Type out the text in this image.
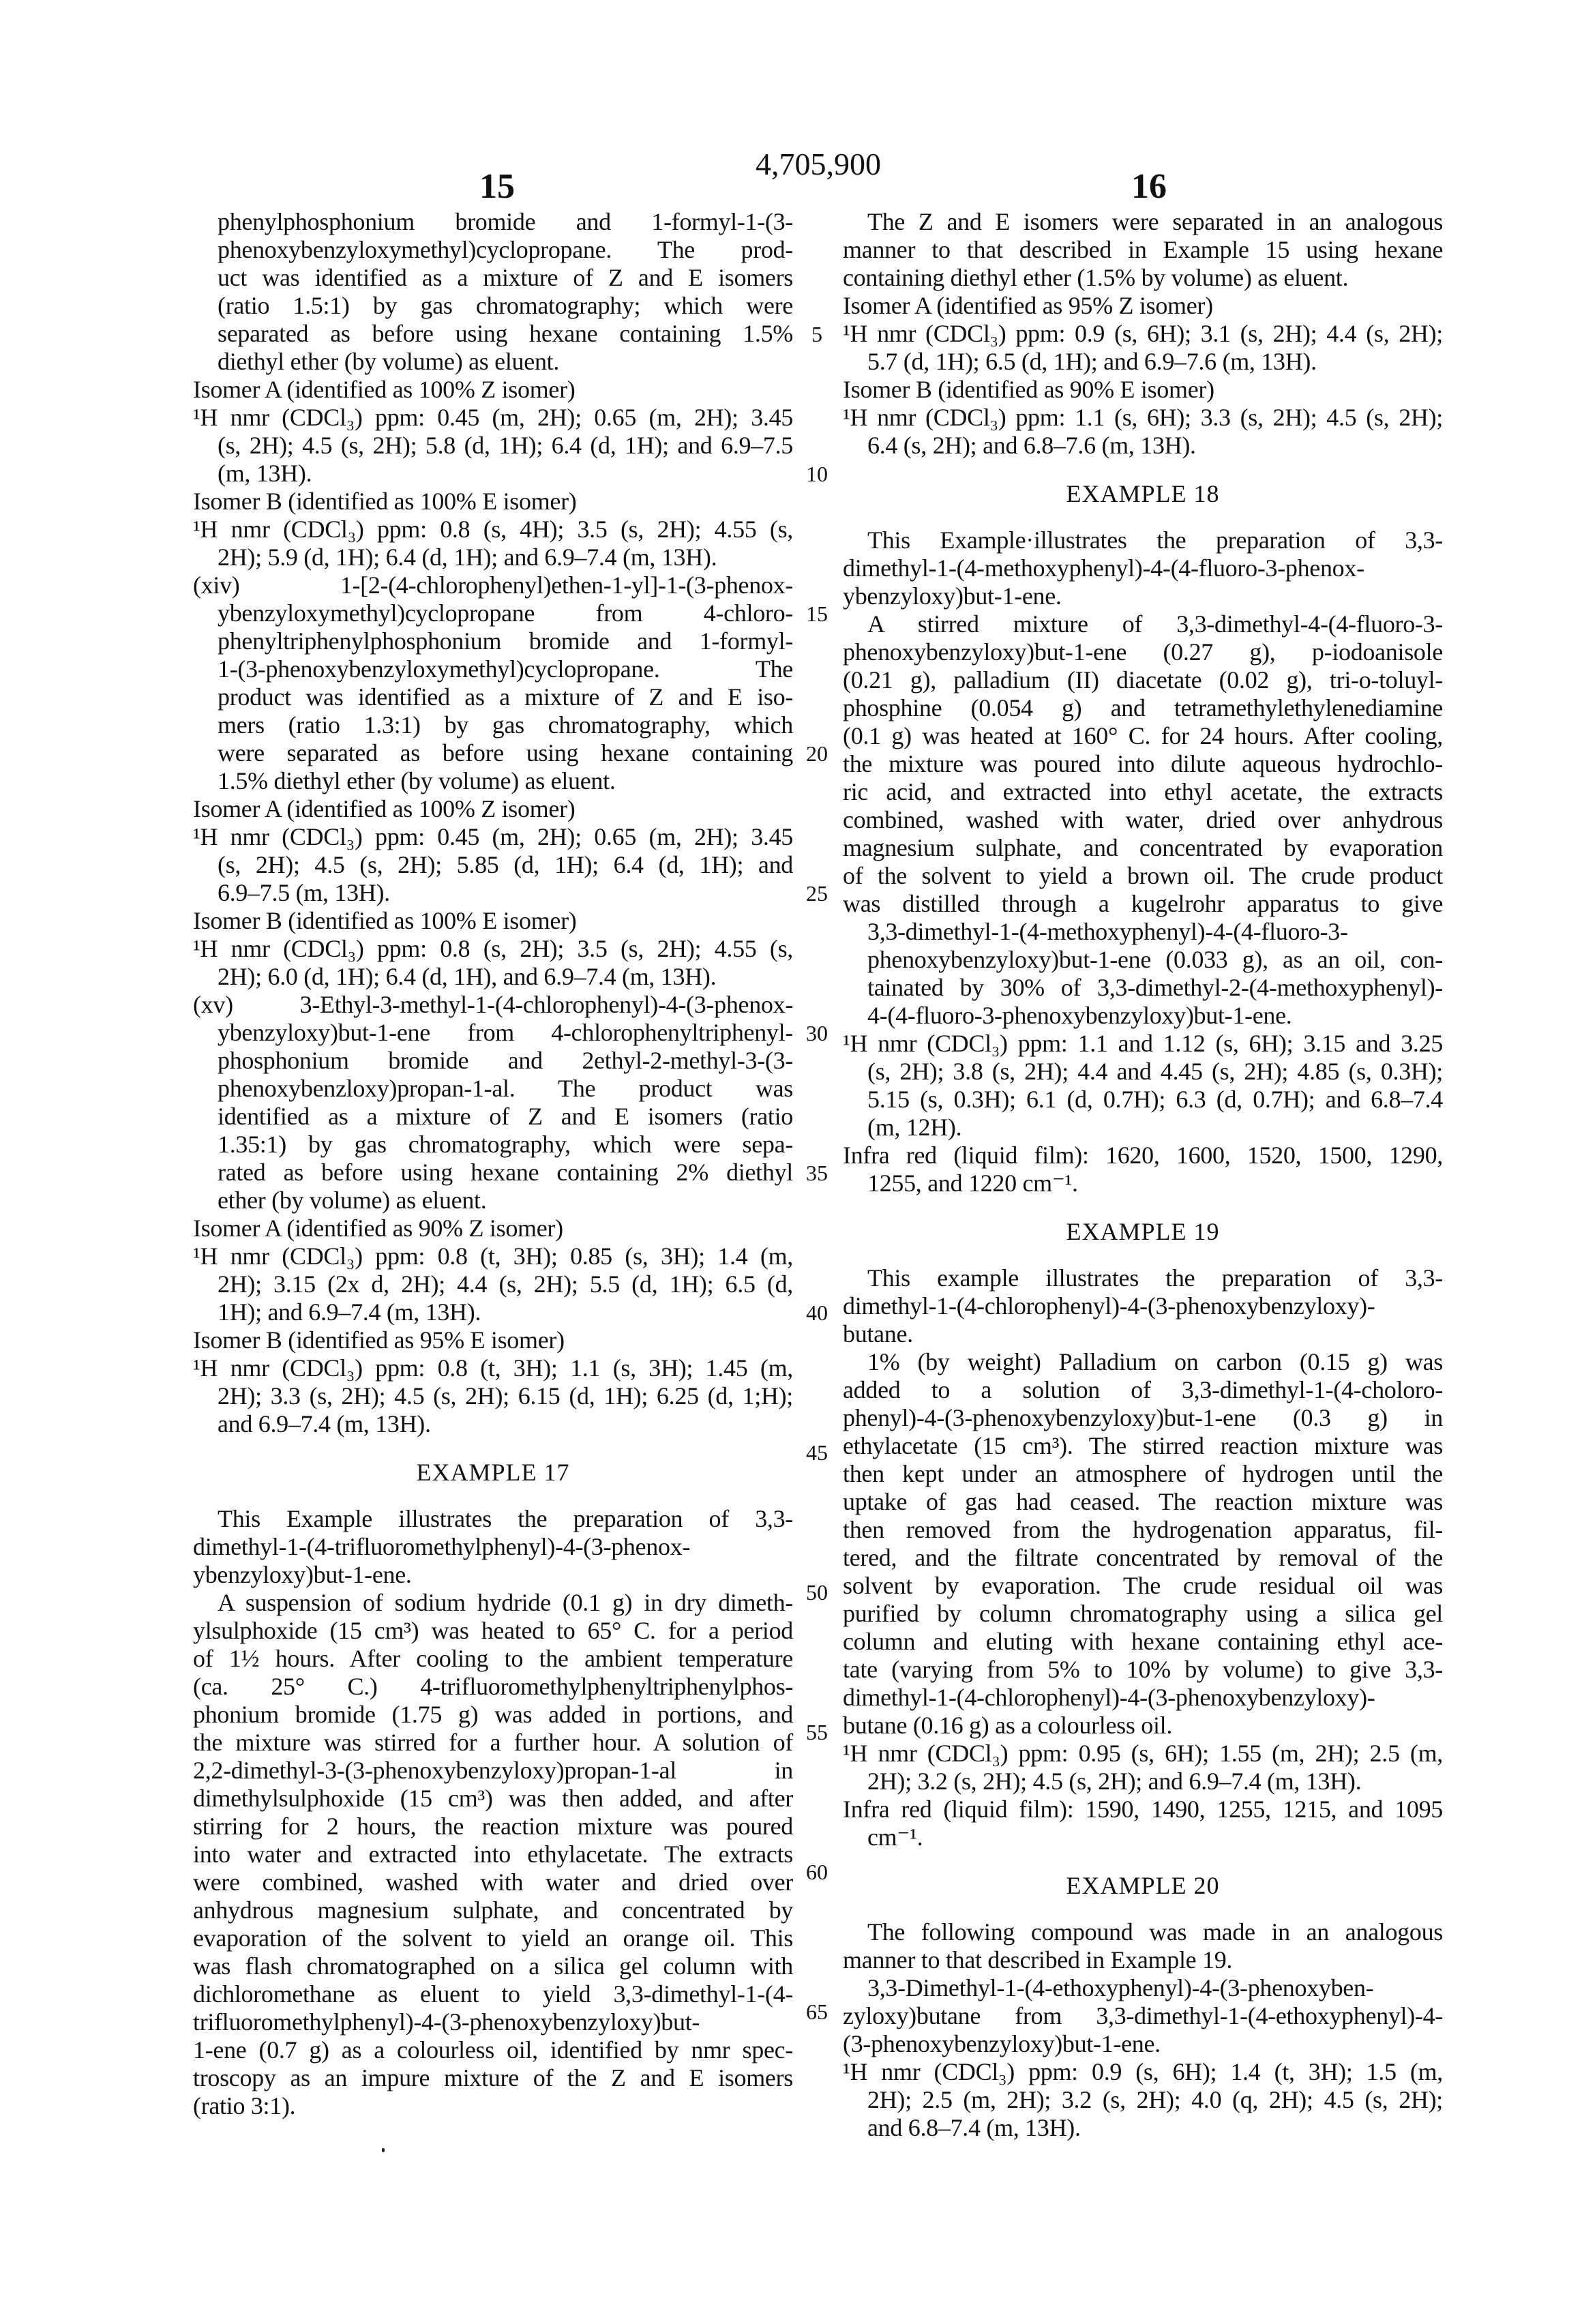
4,705,900
15	16
phenylphosphonium bromide and 1-formyl-1-(3-
phenoxybenzyloxymethyl)cyclopropane. The prod-
uct was identified as a mixture of Z and E isomers
(ratio 1.5:1) by gas chromatography; which were
separated as before using hexane containing 1.5%
diethyl ether (by volume) as eluent.
Isomer A (identified as 100% Z isomer)
¹H nmr (CDCl₃) ppm: 0.45 (m, 2H); 0.65 (m, 2H); 3.45
(s, 2H); 4.5 (s, 2H); 5.8 (d, 1H); 6.4 (d, 1H); and 6.9–7.5
(m, 13H).
Isomer B (identified as 100% E isomer)
¹H nmr (CDCl₃) ppm: 0.8 (s, 4H); 3.5 (s, 2H); 4.55 (s,
2H); 5.9 (d, 1H); 6.4 (d, 1H); and 6.9–7.4 (m, 13H).
(xiv) 1-[2-(4-chlorophenyl)ethen-1-yl]-1-(3-phenox-
ybenzyloxymethyl)cyclopropane from 4-chloro-
phenyltriphenylphosphonium bromide and 1-formyl-
1-(3-phenoxybenzyloxymethyl)cyclopropane. The
product was identified as a mixture of Z and E iso-
mers (ratio 1.3:1) by gas chromatography, which
were separated as before using hexane containing
1.5% diethyl ether (by volume) as eluent.
Isomer A (identified as 100% Z isomer)
¹H nmr (CDCl₃) ppm: 0.45 (m, 2H); 0.65 (m, 2H); 3.45
(s, 2H); 4.5 (s, 2H); 5.85 (d, 1H); 6.4 (d, 1H); and
6.9–7.5 (m, 13H).
Isomer B (identified as 100% E isomer)
¹H nmr (CDCl₃) ppm: 0.8 (s, 2H); 3.5 (s, 2H); 4.55 (s,
2H); 6.0 (d, 1H); 6.4 (d, 1H), and 6.9–7.4 (m, 13H).
(xv) 3-Ethyl-3-methyl-1-(4-chlorophenyl)-4-(3-phenox-
ybenzyloxy)but-1-ene from 4-chlorophenyltriphenyl-
phosphonium bromide and 2ethyl-2-methyl-3-(3-
phenoxybenzloxy)propan-1-al. The product was
identified as a mixture of Z and E isomers (ratio
1.35:1) by gas chromatography, which were sepa-
rated as before using hexane containing 2% diethyl
ether (by volume) as eluent.
Isomer A (identified as 90% Z isomer)
¹H nmr (CDCl₃) ppm: 0.8 (t, 3H); 0.85 (s, 3H); 1.4 (m,
2H); 3.15 (2x d, 2H); 4.4 (s, 2H); 5.5 (d, 1H); 6.5 (d,
1H); and 6.9–7.4 (m, 13H).
Isomer B (identified as 95% E isomer)
¹H nmr (CDCl₃) ppm: 0.8 (t, 3H); 1.1 (s, 3H); 1.45 (m,
2H); 3.3 (s, 2H); 4.5 (s, 2H); 6.15 (d, 1H); 6.25 (d, 1;H);
and 6.9–7.4 (m, 13H).
EXAMPLE 17
This Example illustrates the preparation of 3,3-
dimethyl-1-(4-trifluoromethylphenyl)-4-(3-phenox-
ybenzyloxy)but-1-ene.
A suspension of sodium hydride (0.1 g) in dry dimeth-
ylsulphoxide (15 cm³) was heated to 65° C. for a period
of 1½ hours. After cooling to the ambient temperature
(ca. 25° C.) 4-trifluoromethylphenyltriphenylphos-
phonium bromide (1.75 g) was added in portions, and
the mixture was stirred for a further hour. A solution of
2,2-dimethyl-3-(3-phenoxybenzyloxy)propan-1-al in
dimethylsulphoxide (15 cm³) was then added, and after
stirring for 2 hours, the reaction mixture was poured
into water and extracted into ethylacetate. The extracts
were combined, washed with water and dried over
anhydrous magnesium sulphate, and concentrated by
evaporation of the solvent to yield an orange oil. This
was flash chromatographed on a silica gel column with
dichloromethane as eluent to yield 3,3-dimethyl-1-(4-
trifluoromethylphenyl)-4-(3-phenoxybenzyloxy)but-
1-ene (0.7 g) as a colourless oil, identified by nmr spec-
troscopy as an impure mixture of the Z and E isomers
(ratio 3:1).
5
10
15
20
25
30
35
40
45
50
55
60
65
The Z and E isomers were separated in an analogous
manner to that described in Example 15 using hexane
containing diethyl ether (1.5% by volume) as eluent.
Isomer A (identified as 95% Z isomer)
¹H nmr (CDCl₃) ppm: 0.9 (s, 6H); 3.1 (s, 2H); 4.4 (s, 2H);
5.7 (d, 1H); 6.5 (d, 1H); and 6.9–7.6 (m, 13H).
Isomer B (identified as 90% E isomer)
¹H nmr (CDCl₃) ppm: 1.1 (s, 6H); 3.3 (s, 2H); 4.5 (s, 2H);
6.4 (s, 2H); and 6.8–7.6 (m, 13H).
EXAMPLE 18
This Example·illustrates the preparation of 3,3-
dimethyl-1-(4-methoxyphenyl)-4-(4-fluoro-3-phenox-
ybenzyloxy)but-1-ene.
A stirred mixture of 3,3-dimethyl-4-(4-fluoro-3-
phenoxybenzyloxy)but-1-ene (0.27 g), p-iodoanisole
(0.21 g), palladium (II) diacetate (0.02 g), tri-o-toluyl-
phosphine (0.054 g) and tetramethylethylenediamine
(0.1 g) was heated at 160° C. for 24 hours. After cooling,
the mixture was poured into dilute aqueous hydrochlo-
ric acid, and extracted into ethyl acetate, the extracts
combined, washed with water, dried over anhydrous
magnesium sulphate, and concentrated by evaporation
of the solvent to yield a brown oil. The crude product
was distilled through a kugelrohr apparatus to give
3,3-dimethyl-1-(4-methoxyphenyl)-4-(4-fluoro-3-
phenoxybenzyloxy)but-1-ene (0.033 g), as an oil, con-
tainated by 30% of 3,3-dimethyl-2-(4-methoxyphenyl)-
4-(4-fluoro-3-phenoxybenzyloxy)but-1-ene.
¹H nmr (CDCl₃) ppm: 1.1 and 1.12 (s, 6H); 3.15 and 3.25
(s, 2H); 3.8 (s, 2H); 4.4 and 4.45 (s, 2H); 4.85 (s, 0.3H);
5.15 (s, 0.3H); 6.1 (d, 0.7H); 6.3 (d, 0.7H); and 6.8–7.4
(m, 12H).
Infra red (liquid film): 1620, 1600, 1520, 1500, 1290,
1255, and 1220 cm⁻¹.
EXAMPLE 19
This example illustrates the preparation of 3,3-
dimethyl-1-(4-chlorophenyl)-4-(3-phenoxybenzyloxy)-
butane.
1% (by weight) Palladium on carbon (0.15 g) was
added to a solution of 3,3-dimethyl-1-(4-choloro-
phenyl)-4-(3-phenoxybenzyloxy)but-1-ene (0.3 g) in
ethylacetate (15 cm³). The stirred reaction mixture was
then kept under an atmosphere of hydrogen until the
uptake of gas had ceased. The reaction mixture was
then removed from the hydrogenation apparatus, fil-
tered, and the filtrate concentrated by removal of the
solvent by evaporation. The crude residual oil was
purified by column chromatography using a silica gel
column and eluting with hexane containing ethyl ace-
tate (varying from 5% to 10% by volume) to give 3,3-
dimethyl-1-(4-chlorophenyl)-4-(3-phenoxybenzyloxy)-
butane (0.16 g) as a colourless oil.
¹H nmr (CDCl₃) ppm: 0.95 (s, 6H); 1.55 (m, 2H); 2.5 (m,
2H); 3.2 (s, 2H); 4.5 (s, 2H); and 6.9–7.4 (m, 13H).
Infra red (liquid film): 1590, 1490, 1255, 1215, and 1095
cm⁻¹.
EXAMPLE 20
The following compound was made in an analogous
manner to that described in Example 19.
3,3-Dimethyl-1-(4-ethoxyphenyl)-4-(3-phenoxyben-
zyloxy)butane from 3,3-dimethyl-1-(4-ethoxyphenyl)-4-
(3-phenoxybenzyloxy)but-1-ene.
¹H nmr (CDCl₃) ppm: 0.9 (s, 6H); 1.4 (t, 3H); 1.5 (m,
2H); 2.5 (m, 2H); 3.2 (s, 2H); 4.0 (q, 2H); 4.5 (s, 2H);
and 6.8–7.4 (m, 13H).
